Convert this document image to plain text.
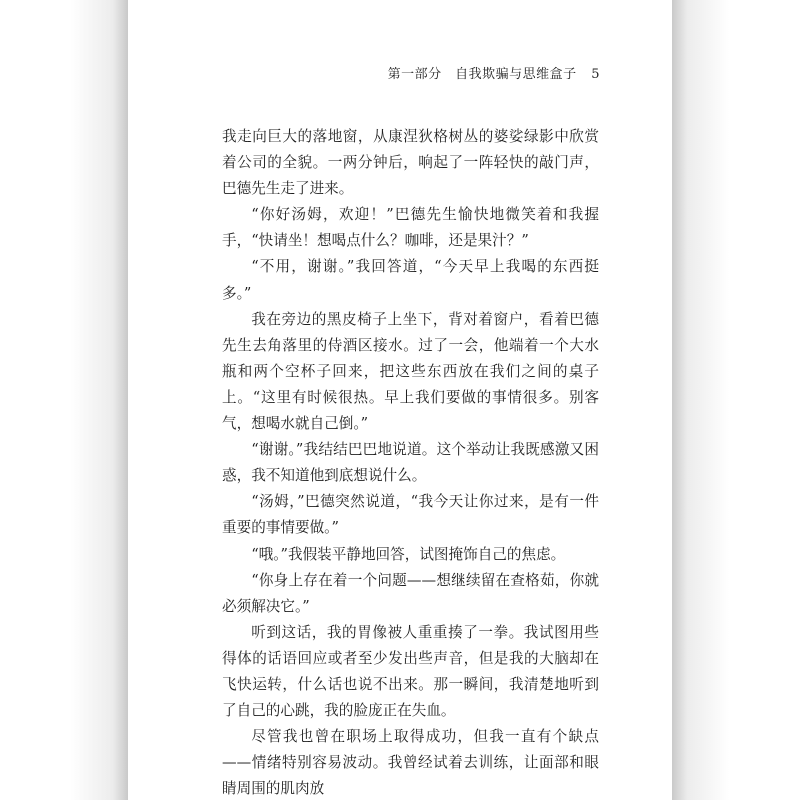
第一部分　自我欺骗与思维盒子 5

我走向巨大的落地窗，从康涅狄格树丛的婆娑绿影中欣赏着公司的全貌。一两分钟后，响起了一阵轻快的敲门声，巴德先生走了进来。

“你好汤姆，欢迎！”巴德先生愉快地微笑着和我握手，“快请坐！想喝点什么？咖啡，还是果汁？”

“不用，谢谢。”我回答道，“今天早上我喝的东西挺多。”

我在旁边的黑皮椅子上坐下，背对着窗户，看着巴德先生去角落里的侍酒区接水。过了一会，他端着一个大水瓶和两个空杯子回来，把这些东西放在我们之间的桌子上。“这里有时候很热。早上我们要做的事情很多。别客气，想喝水就自己倒。”

“谢谢。”我结结巴巴地说道。这个举动让我既感激又困惑，我不知道他到底想说什么。

“汤姆，”巴德突然说道，“我今天让你过来，是有一件重要的事情要做。”

“哦。”我假装平静地回答，试图掩饰自己的焦虑。

“你身上存在着一个问题——想继续留在查格茹，你就必须解决它。”

听到这话，我的胃像被人重重揍了一拳。我试图用些得体的话语回应或者至少发出些声音，但是我的大脑却在飞快运转，什么话也说不出来。那一瞬间，我清楚地听到了自己的心跳，我的脸庞正在失血。

尽管我也曾在职场上取得成功，但我一直有个缺点——情绪特别容易波动。我曾经试着去训练，让面部和眼睛周围的肌肉放
